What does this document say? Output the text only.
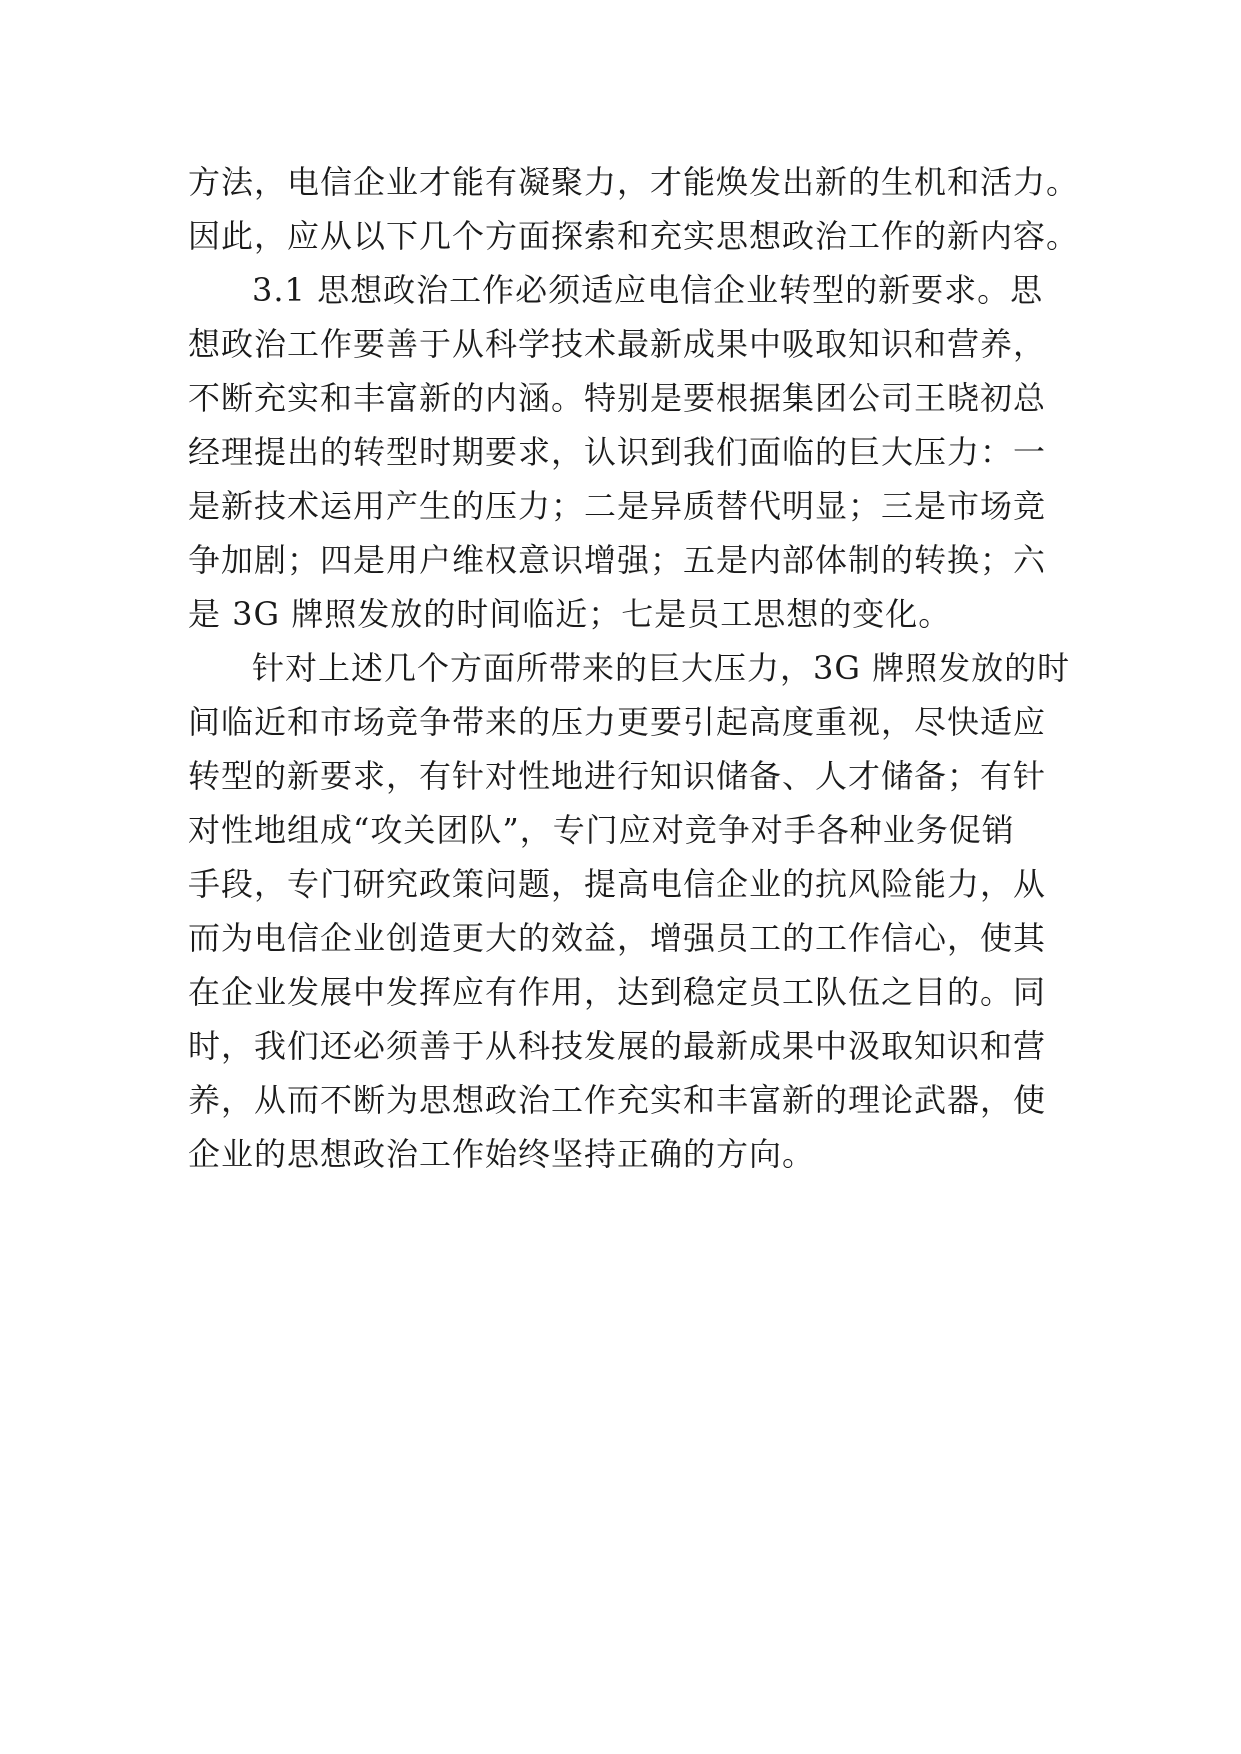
方法，电信企业才能有凝聚力，才能焕发出新的生机和活力。
因此，应从以下几个方面探索和充实思想政治工作的新内容。
3.1 思想政治工作必须适应电信企业转型的新要求。思
想政治工作要善于从科学技术最新成果中吸取知识和营养，
不断充实和丰富新的内涵。特别是要根据集团公司王晓初总
经理提出的转型时期要求，认识到我们面临的巨大压力：一
是新技术运用产生的压力；二是异质替代明显；三是市场竞
争加剧；四是用户维权意识增强；五是内部体制的转换；六
是 3G 牌照发放的时间临近；七是员工思想的变化。
针对上述几个方面所带来的巨大压力，3G 牌照发放的时
间临近和市场竞争带来的压力更要引起高度重视，尽快适应
转型的新要求，有针对性地进行知识储备、人才储备；有针
对性地组成“攻关团队”，专门应对竞争对手各种业务促销
手段，专门研究政策问题，提高电信企业的抗风险能力，从
而为电信企业创造更大的效益，增强员工的工作信心，使其
在企业发展中发挥应有作用，达到稳定员工队伍之目的。同
时，我们还必须善于从科技发展的最新成果中汲取知识和营
养，从而不断为思想政治工作充实和丰富新的理论武器，使
企业的思想政治工作始终坚持正确的方向。
